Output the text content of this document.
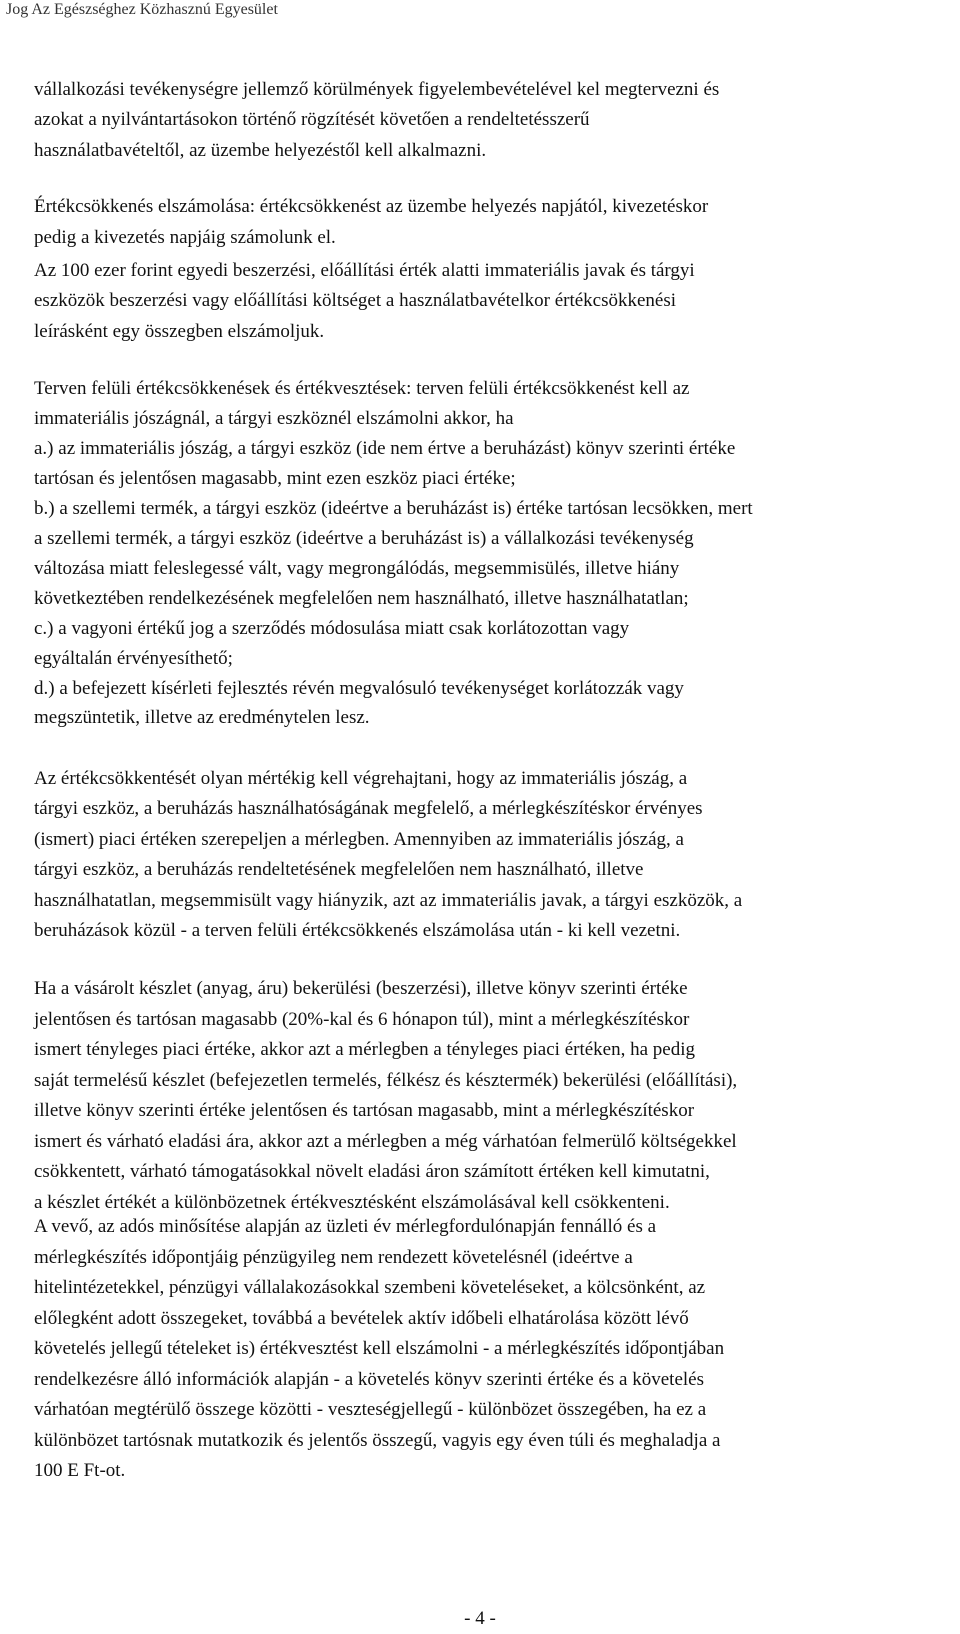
Jog Az Egészséghez Közhasznú Egyesület

vállalkozási tevékenységre jellemző körülmények figyelembevételével kel megtervezni és
azokat a nyilvántartásokon történő rögzítését követően a rendeltetésszerű
használatbavételtől, az üzembe helyezéstől kell alkalmazni.

Értékcsökkenés elszámolása: értékcsökkenést az üzembe helyezés napjától, kivezetéskor
pedig a kivezetés napjáig számolunk el.

Az 100 ezer forint egyedi beszerzési, előállítási érték alatti immateriális javak és tárgyi
eszközök beszerzési vagy előállítási költséget a használatbavételkor értékcsökkenési
leírásként egy összegben elszámoljuk.

Terven felüli értékcsökkenések és értékvesztések: terven felüli értékcsökkenést kell az
immateriális jószágnál, a tárgyi eszköznél elszámolni akkor, ha
a.) az immateriális jószág, a tárgyi eszköz (ide nem értve a beruházást) könyv szerinti értéke
tartósan és jelentősen magasabb, mint ezen eszköz piaci értéke;
b.) a szellemi termék, a tárgyi eszköz (ideértve a beruházást is) értéke tartósan lecsökken, mert
a szellemi termék, a tárgyi eszköz (ideértve a beruházást is) a vállalkozási tevékenység
változása miatt feleslegessé vált, vagy megrongálódás, megsemmisülés, illetve hiány
következtében rendelkezésének megfelelően nem használható, illetve használhatatlan;
c.) a vagyoni értékű jog a szerződés módosulása miatt csak korlátozottan vagy
egyáltalán érvényesíthető;
d.) a befejezett kísérleti fejlesztés révén megvalósuló tevékenységet korlátozzák vagy
megszüntetik, illetve az eredménytelen lesz.

Az értékcsökkentését olyan mértékig kell végrehajtani, hogy az immateriális jószág, a
tárgyi eszköz, a beruházás használhatóságának megfelelő, a mérlegkészítéskor érvényes
(ismert) piaci értéken szerepeljen a mérlegben. Amennyiben az immateriális jószág, a
tárgyi eszköz, a beruházás rendeltetésének megfelelően nem használható, illetve
használhatatlan, megsemmisült vagy hiányzik, azt az immateriális javak, a tárgyi eszközök, a
beruházások közül - a terven felüli értékcsökkenés elszámolása után - ki kell vezetni.

Ha a vásárolt készlet (anyag, áru) bekerülési (beszerzési), illetve könyv szerinti értéke
jelentősen és tartósan magasabb (20%-kal és 6 hónapon túl), mint a mérlegkészítéskor
ismert tényleges piaci értéke, akkor azt a mérlegben a tényleges piaci értéken, ha pedig
saját termelésű készlet (befejezetlen termelés, félkész és késztermék) bekerülési (előállítási),
illetve könyv szerinti értéke jelentősen és tartósan magasabb, mint a mérlegkészítéskor
ismert és várható eladási ára, akkor azt a mérlegben a még várhatóan felmerülő költségekkel
csökkentett, várható támogatásokkal növelt eladási áron számított értéken kell kimutatni,
a készlet értékét a különbözetnek értékvesztésként elszámolásával kell csökkenteni.

A vevő, az adós minősítése alapján az üzleti év mérlegfordulónapján fennálló és a
mérlegkészítés időpontjáig pénzügyileg nem rendezett követelésnél (ideértve a
hitelintézetekkel, pénzügyi vállalakozásokkal szembeni követeléseket, a kölcsönként, az
előlegként adott összegeket, továbbá a bevételek aktív időbeli elhatárolása között lévő
követelés jellegű tételeket is) értékvesztést kell elszámolni - a mérlegkészítés időpontjában
rendelkezésre álló információk alapján - a követelés könyv szerinti értéke és a követelés
várhatóan megtérülő összege közötti - veszteségjellegű - különbözet összegében, ha ez a
különbözet tartósnak mutatkozik és jelentős összegű, vagyis egy éven túli és meghaladja a
100 E Ft-ot.

- 4 -
